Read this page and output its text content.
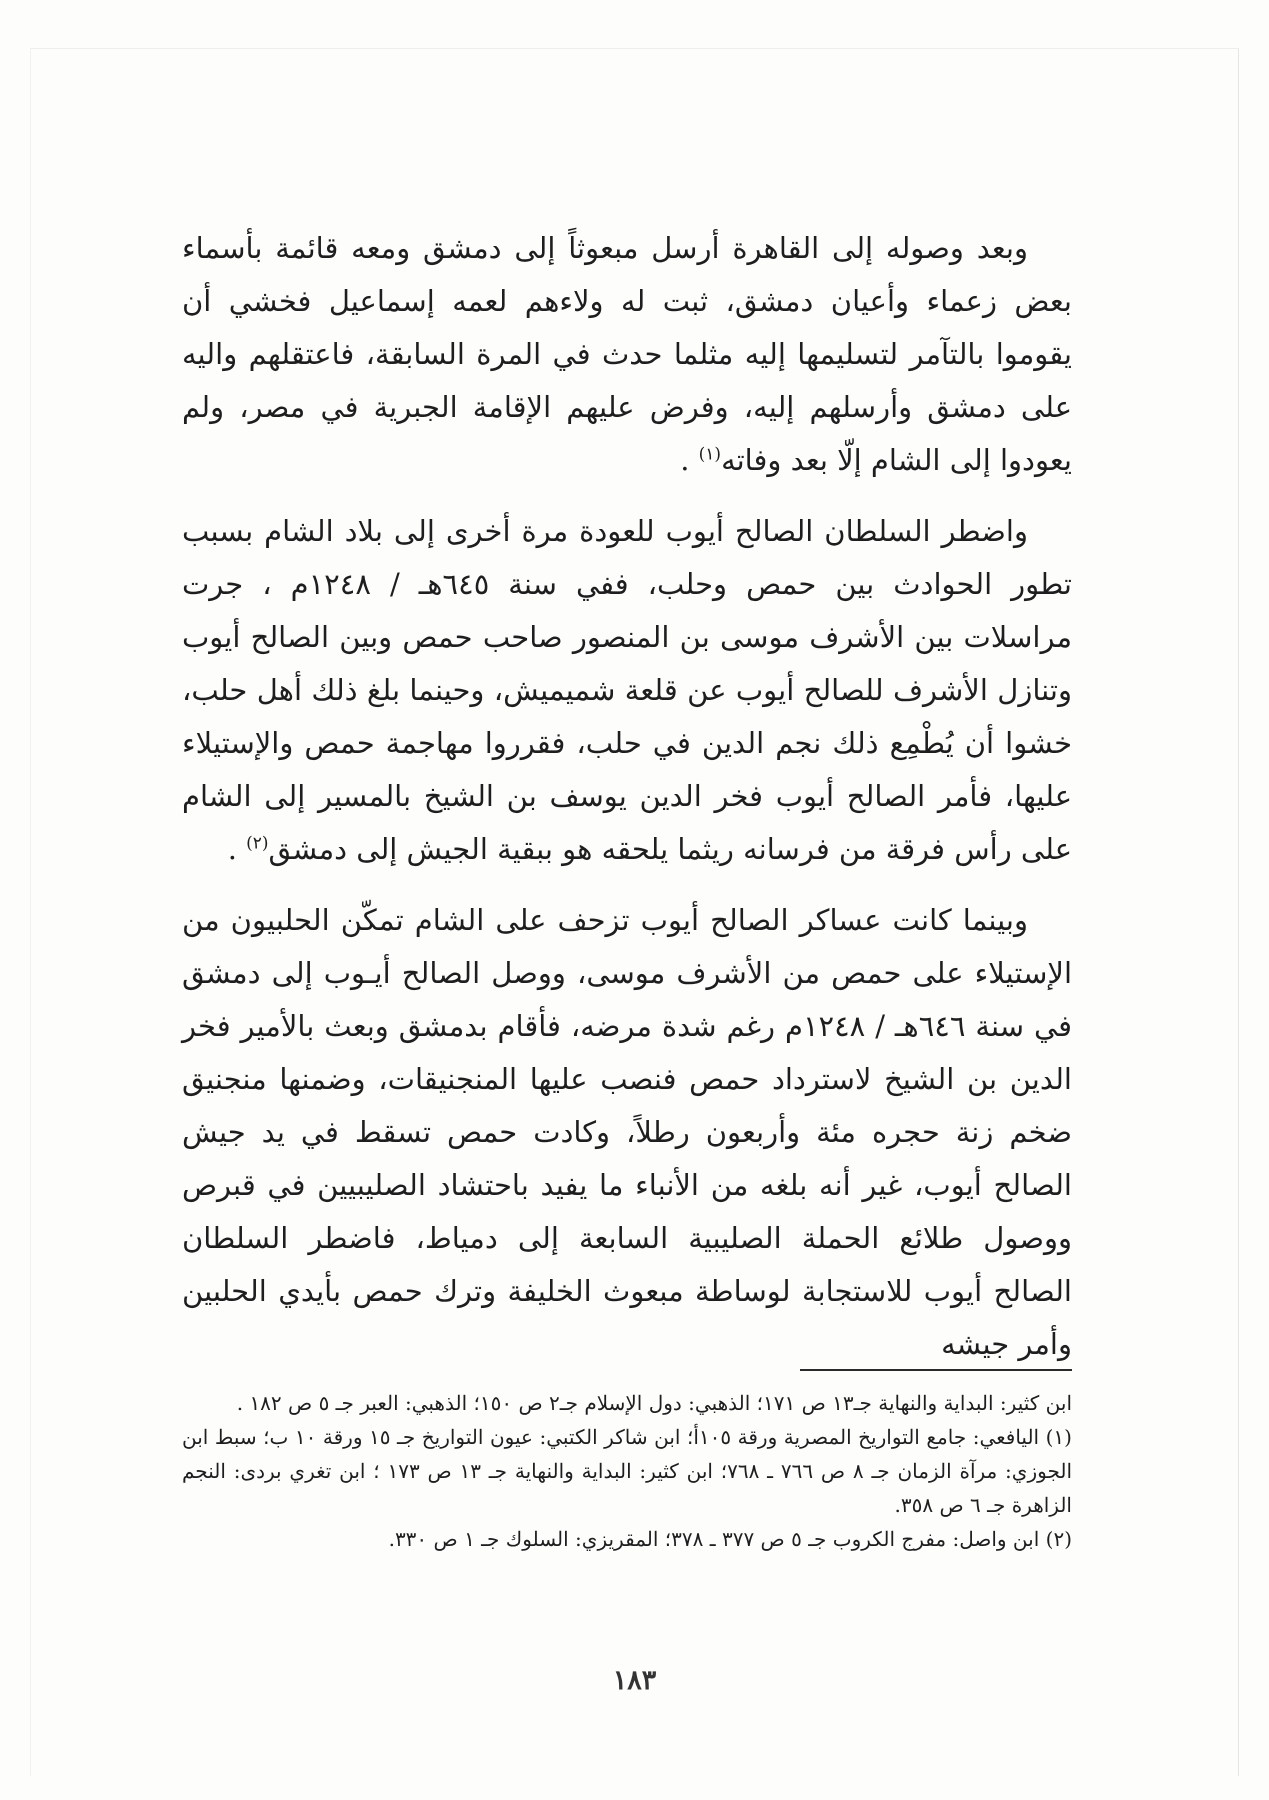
وبعد وصوله إلى القاهرة أرسل مبعوثاً إلى دمشق ومعه قائمة بأسماء بعض زعماء وأعيان دمشق، ثبت له ولاءهم لعمه إسماعيل فخشي أن يقوموا بالتآمر لتسليمها إليه مثلما حدث في المرة السابقة، فاعتقلهم واليه على دمشق وأرسلهم إليه، وفرض عليهم الإقامة الجبرية في مصر، ولم يعودوا إلى الشام إلّا بعد وفاته$^{(١)}$ .

واضطر السلطان الصالح أيوب للعودة مرة أخرى إلى بلاد الشام بسبب تطور الحوادث بين حمص وحلب، ففي سنة ٦٤٥هـ / ١٢٤٨م ، جرت مراسلات بين الأشرف موسى بن المنصور صاحب حمص وبين الصالح أيوب وتنازل الأشرف للصالح أيوب عن قلعة شميميش، وحينما بلغ ذلك أهل حلب، خشوا أن يُطْمِع ذلك نجم الدين في حلب، فقرروا مهاجمة حمص والإستيلاء عليها، فأمر الصالح أيوب فخر الدين يوسف بن الشيخ بالمسير إلى الشام على رأس فرقة من فرسانه ريثما يلحقه هو ببقية الجيش إلى دمشق$^{(٢)}$ .

وبينما كانت عساكر الصالح أيوب تزحف على الشام تمكّن الحلبيون من الإستيلاء على حمص من الأشرف موسى، ووصل الصالح أيـوب إلى دمشق في سنة ٦٤٦هـ / ١٢٤٨م رغم شدة مرضه، فأقام بدمشق وبعث بالأمير فخر الدين بن الشيخ لاسترداد حمص فنصب عليها المنجنيقات، وضمنها منجنيق ضخم زنة حجره مئة وأربعون رطلاً، وكادت حمص تسقط في يد جيش الصالح أيوب، غير أنه بلغه من الأنباء ما يفيد باحتشاد الصليبيين في قبرص ووصول طلائع الحملة الصليبية السابعة إلى دمياط، فاضطر السلطان الصالح أيوب للاستجابة لوساطة مبعوث الخليفة وترك حمص بأيدي الحلبين وأمر جيشه

ابن كثير: البداية والنهاية جـ١٣ ص ١٧١؛ الذهبي: دول الإسلام جـ٢ ص ١٥٠؛ الذهبي: العبر جـ ٥ ص ١٨٢ .

(١) اليافعي: جامع التواريخ المصرية ورقة ١٠٥أ؛ ابن شاكر الكتبي: عيون التواريخ جـ ١٥ ورقة ١٠ ب؛ سبط ابن الجوزي: مرآة الزمان جـ ٨ ص ٧٦٦ ـ ٧٦٨؛ ابن كثير: البداية والنهاية جـ ١٣ ص ١٧٣ ؛ ابن تغري بردى: النجم الزاهرة جـ ٦ ص ٣٥٨.

(٢) ابن واصل: مفرج الكروب جـ ٥ ص ٣٧٧ ـ ٣٧٨؛ المقريزي: السلوك جـ ١ ص ٣٣٠.

١٨٣
